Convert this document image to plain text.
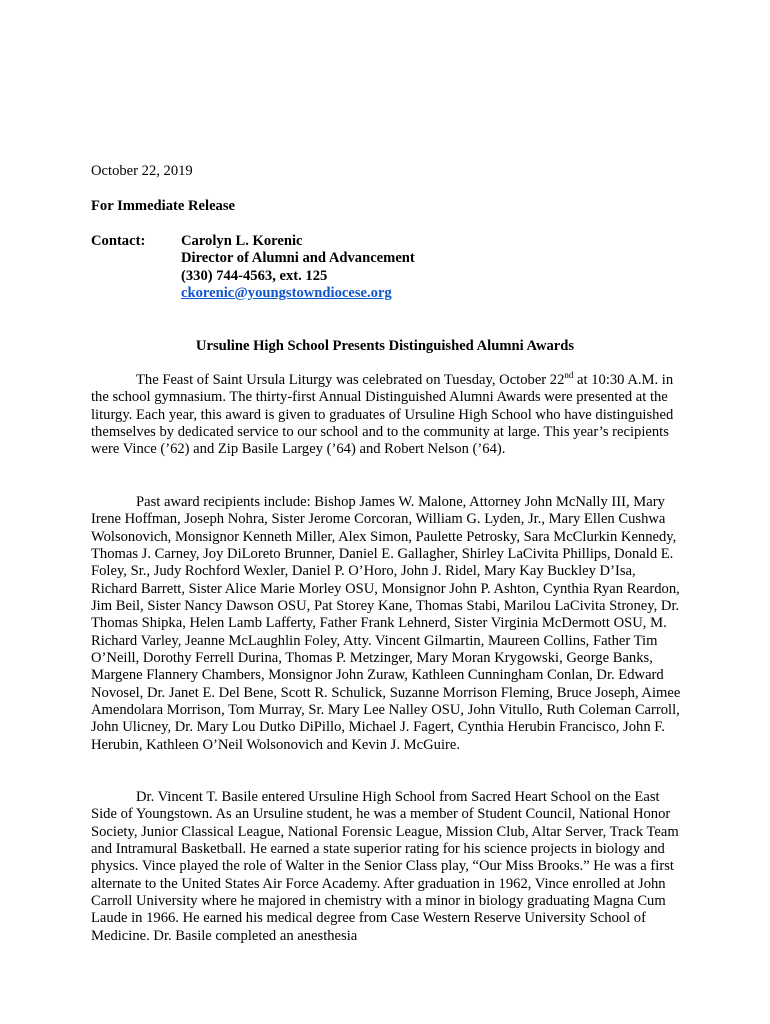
October 22, 2019

For Immediate Release

Contact: Carolyn L. Korenic
Director of Alumni and Advancement
(330) 744-4563, ext. 125
ckorenic@youngstowndiocese.org

Ursuline High School Presents Distinguished Alumni Awards

The Feast of Saint Ursula Liturgy was celebrated on Tuesday, October 22nd at 10:30 A.M. in the school gymnasium. The thirty-first Annual Distinguished Alumni Awards were presented at the liturgy. Each year, this award is given to graduates of Ursuline High School who have distinguished themselves by dedicated service to our school and to the community at large. This year’s recipients were Vince (’62) and Zip Basile Largey (’64) and Robert Nelson (’64).

Past award recipients include: Bishop James W. Malone, Attorney John McNally III, Mary Irene Hoffman, Joseph Nohra, Sister Jerome Corcoran, William G. Lyden, Jr., Mary Ellen Cushwa Wolsonovich, Monsignor Kenneth Miller, Alex Simon, Paulette Petrosky, Sara McClurkin Kennedy, Thomas J. Carney, Joy DiLoreto Brunner, Daniel E. Gallagher, Shirley LaCivita Phillips, Donald E. Foley, Sr., Judy Rochford Wexler, Daniel P. O’Horo, John J. Ridel, Mary Kay Buckley D’Isa, Richard Barrett, Sister Alice Marie Morley OSU, Monsignor John P. Ashton, Cynthia Ryan Reardon, Jim Beil, Sister Nancy Dawson OSU, Pat Storey Kane, Thomas Stabi, Marilou LaCivita Stroney, Dr. Thomas Shipka, Helen Lamb Lafferty, Father Frank Lehnerd, Sister Virginia McDermott OSU, M. Richard Varley, Jeanne McLaughlin Foley, Atty. Vincent Gilmartin, Maureen Collins, Father Tim O’Neill, Dorothy Ferrell Durina, Thomas P. Metzinger, Mary Moran Krygowski, George Banks, Margene Flannery Chambers, Monsignor John Zuraw, Kathleen Cunningham Conlan, Dr. Edward Novosel, Dr. Janet E. Del Bene, Scott R. Schulick, Suzanne Morrison Fleming, Bruce Joseph, Aimee Amendolara Morrison, Tom Murray, Sr. Mary Lee Nalley OSU, John Vitullo, Ruth Coleman Carroll, John Ulicney, Dr. Mary Lou Dutko DiPillo, Michael J. Fagert, Cynthia Herubin Francisco, John F. Herubin, Kathleen O’Neil Wolsonovich and Kevin J. McGuire.

Dr. Vincent T. Basile entered Ursuline High School from Sacred Heart School on the East Side of Youngstown. As an Ursuline student, he was a member of Student Council, National Honor Society, Junior Classical League, National Forensic League, Mission Club, Altar Server, Track Team and Intramural Basketball. He earned a state superior rating for his science projects in biology and physics. Vince played the role of Walter in the Senior Class play, “Our Miss Brooks.” He was a first alternate to the United States Air Force Academy. After graduation in 1962, Vince enrolled at John Carroll University where he majored in chemistry with a minor in biology graduating Magna Cum Laude in 1966. He earned his medical degree from Case Western Reserve University School of Medicine. Dr. Basile completed an anesthesia
